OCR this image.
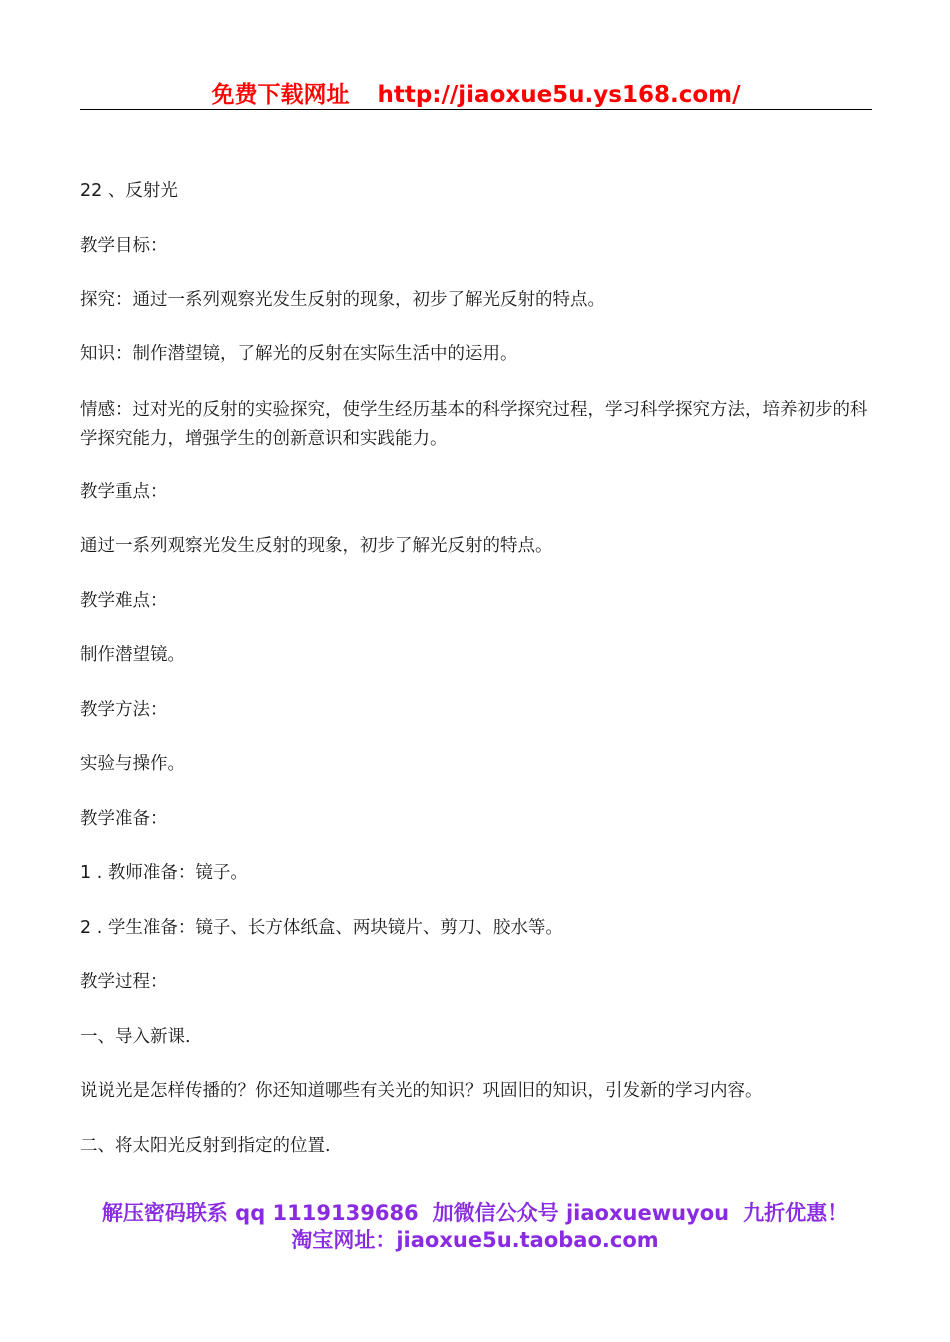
免费下载网址 http://jiaoxue5u.ys168.com/
22 、反射光
教学目标：
探究：通过一系列观察光发生反射的现象，初步了解光反射的特点。
知识：制作潜望镜，了解光的反射在实际生活中的运用。
情感：过对光的反射的实验探究，使学生经历基本的科学探究过程，学习科学探究方法，培养初步的科学探究能力，增强学生的创新意识和实践能力。
教学重点：
通过一系列观察光发生反射的现象，初步了解光反射的特点。
教学难点：
制作潜望镜。
教学方法：
实验与操作。
教学准备：
1 . 教师准备：镜子。
2 . 学生准备：镜子、长方体纸盒、两块镜片、剪刀、胶水等。
教学过程：
一、导入新课.
说说光是怎样传播的？你还知道哪些有关光的知识？巩固旧的知识，引发新的学习内容。
二、将太阳光反射到指定的位置.
解压密码联系 qq 1119139686 加微信公众号 jiaoxuewuyou 九折优惠！
淘宝网址：jiaoxue5u.taobao.com
